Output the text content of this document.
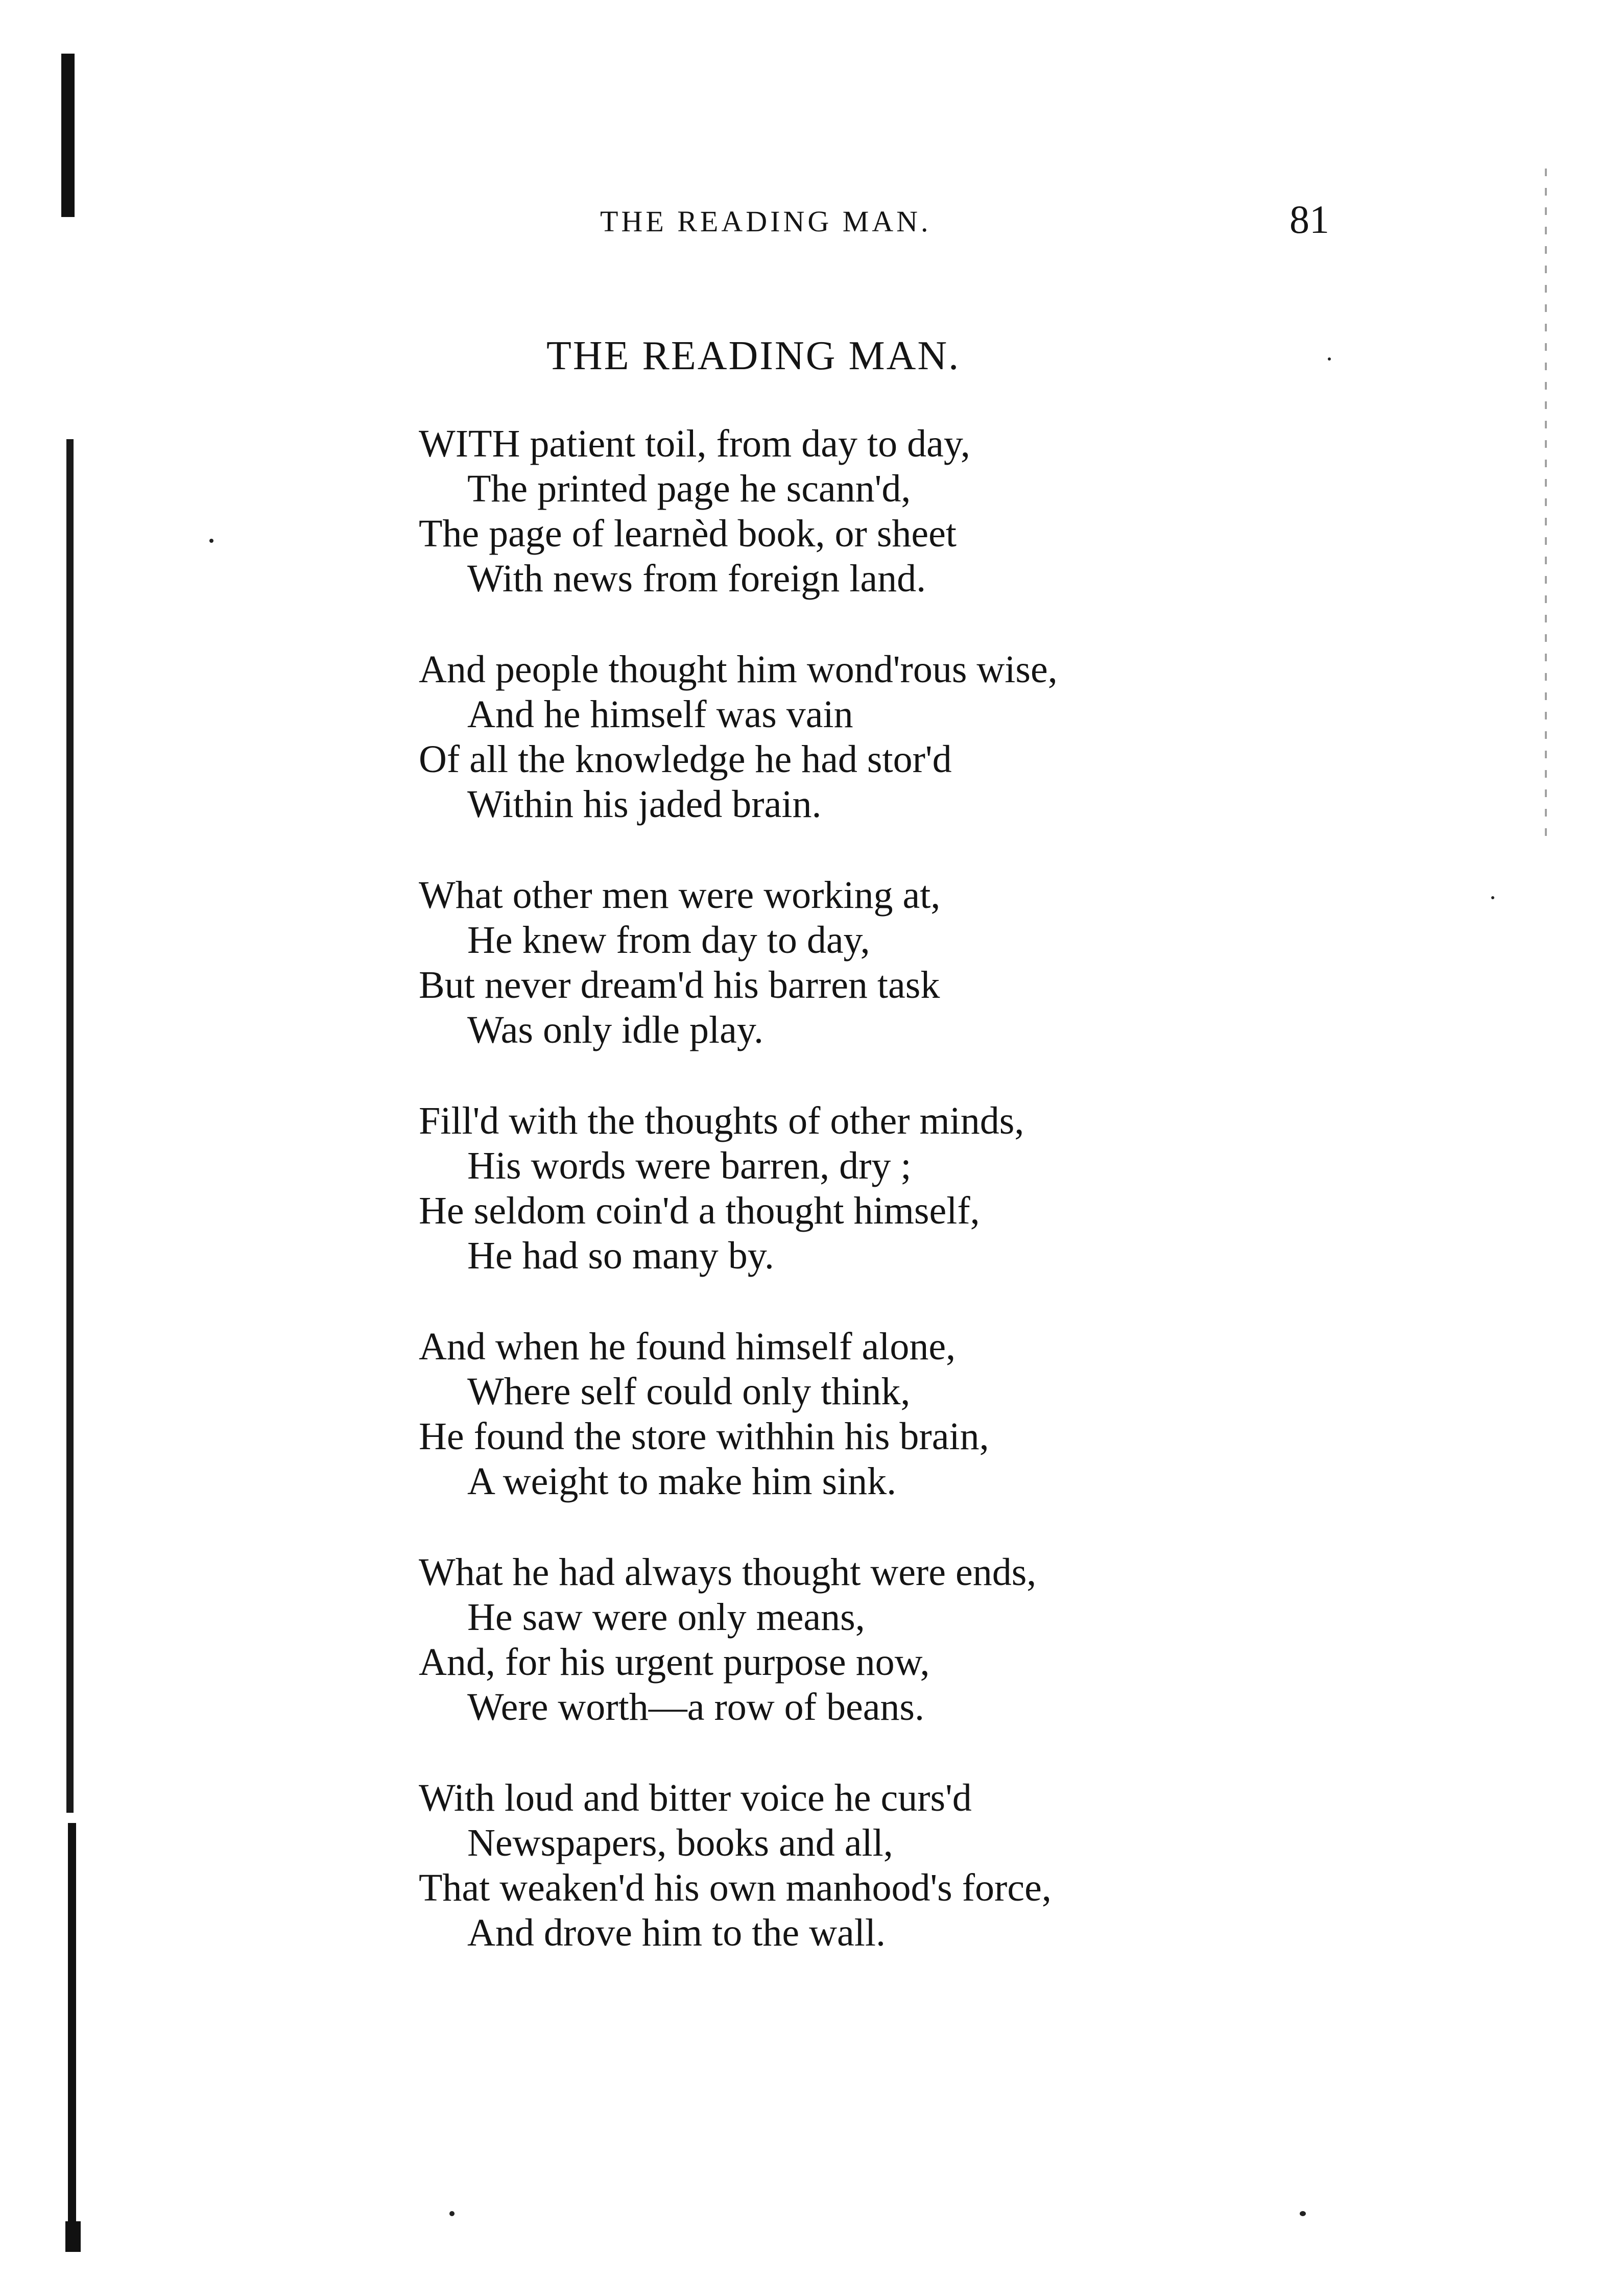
THE READING MAN.	81
THE READING MAN.
WITH patient toil, from day to day,
The printed page he scann'd,
The page of learnèd book, or sheet
With news from foreign land.
And people thought him wond'rous wise,
And he himself was vain
Of all the knowledge he had stor'd
Within his jaded brain.
What other men were working at,
He knew from day to day,
But never dream'd his barren task
Was only idle play.
Fill'd with the thoughts of other minds,
His words were barren, dry ;
He seldom coin'd a thought himself,
He had so many by.
And when he found himself alone,
Where self could only think,
He found the store withhin his brain,
A weight to make him sink.
What he had always thought were ends,
He saw were only means,
And, for his urgent purpose now,
Were worth—a row of beans.
With loud and bitter voice he curs'd
Newspapers, books and all,
That weaken'd his own manhood's force,
And drove him to the wall.
